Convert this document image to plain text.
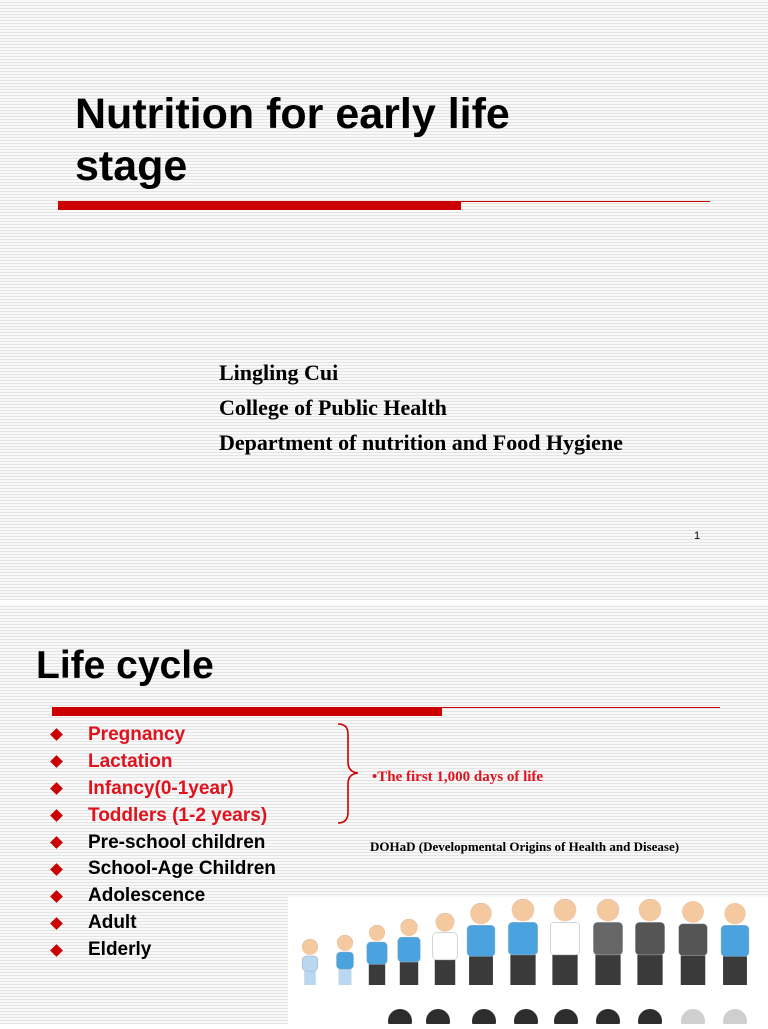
Nutrition for early life
stage
Lingling Cui
College of Public Health
Department of nutrition and Food Hygiene
1
Life cycle
Pregnancy
Lactation
Infancy(0-1year)
Toddlers (1-2 years)
Pre-school children
School-Age Children
Adolescence
Adult
Elderly
•The first 1,000 days of life
DOHaD (Developmental Origins of Health and Disease)
